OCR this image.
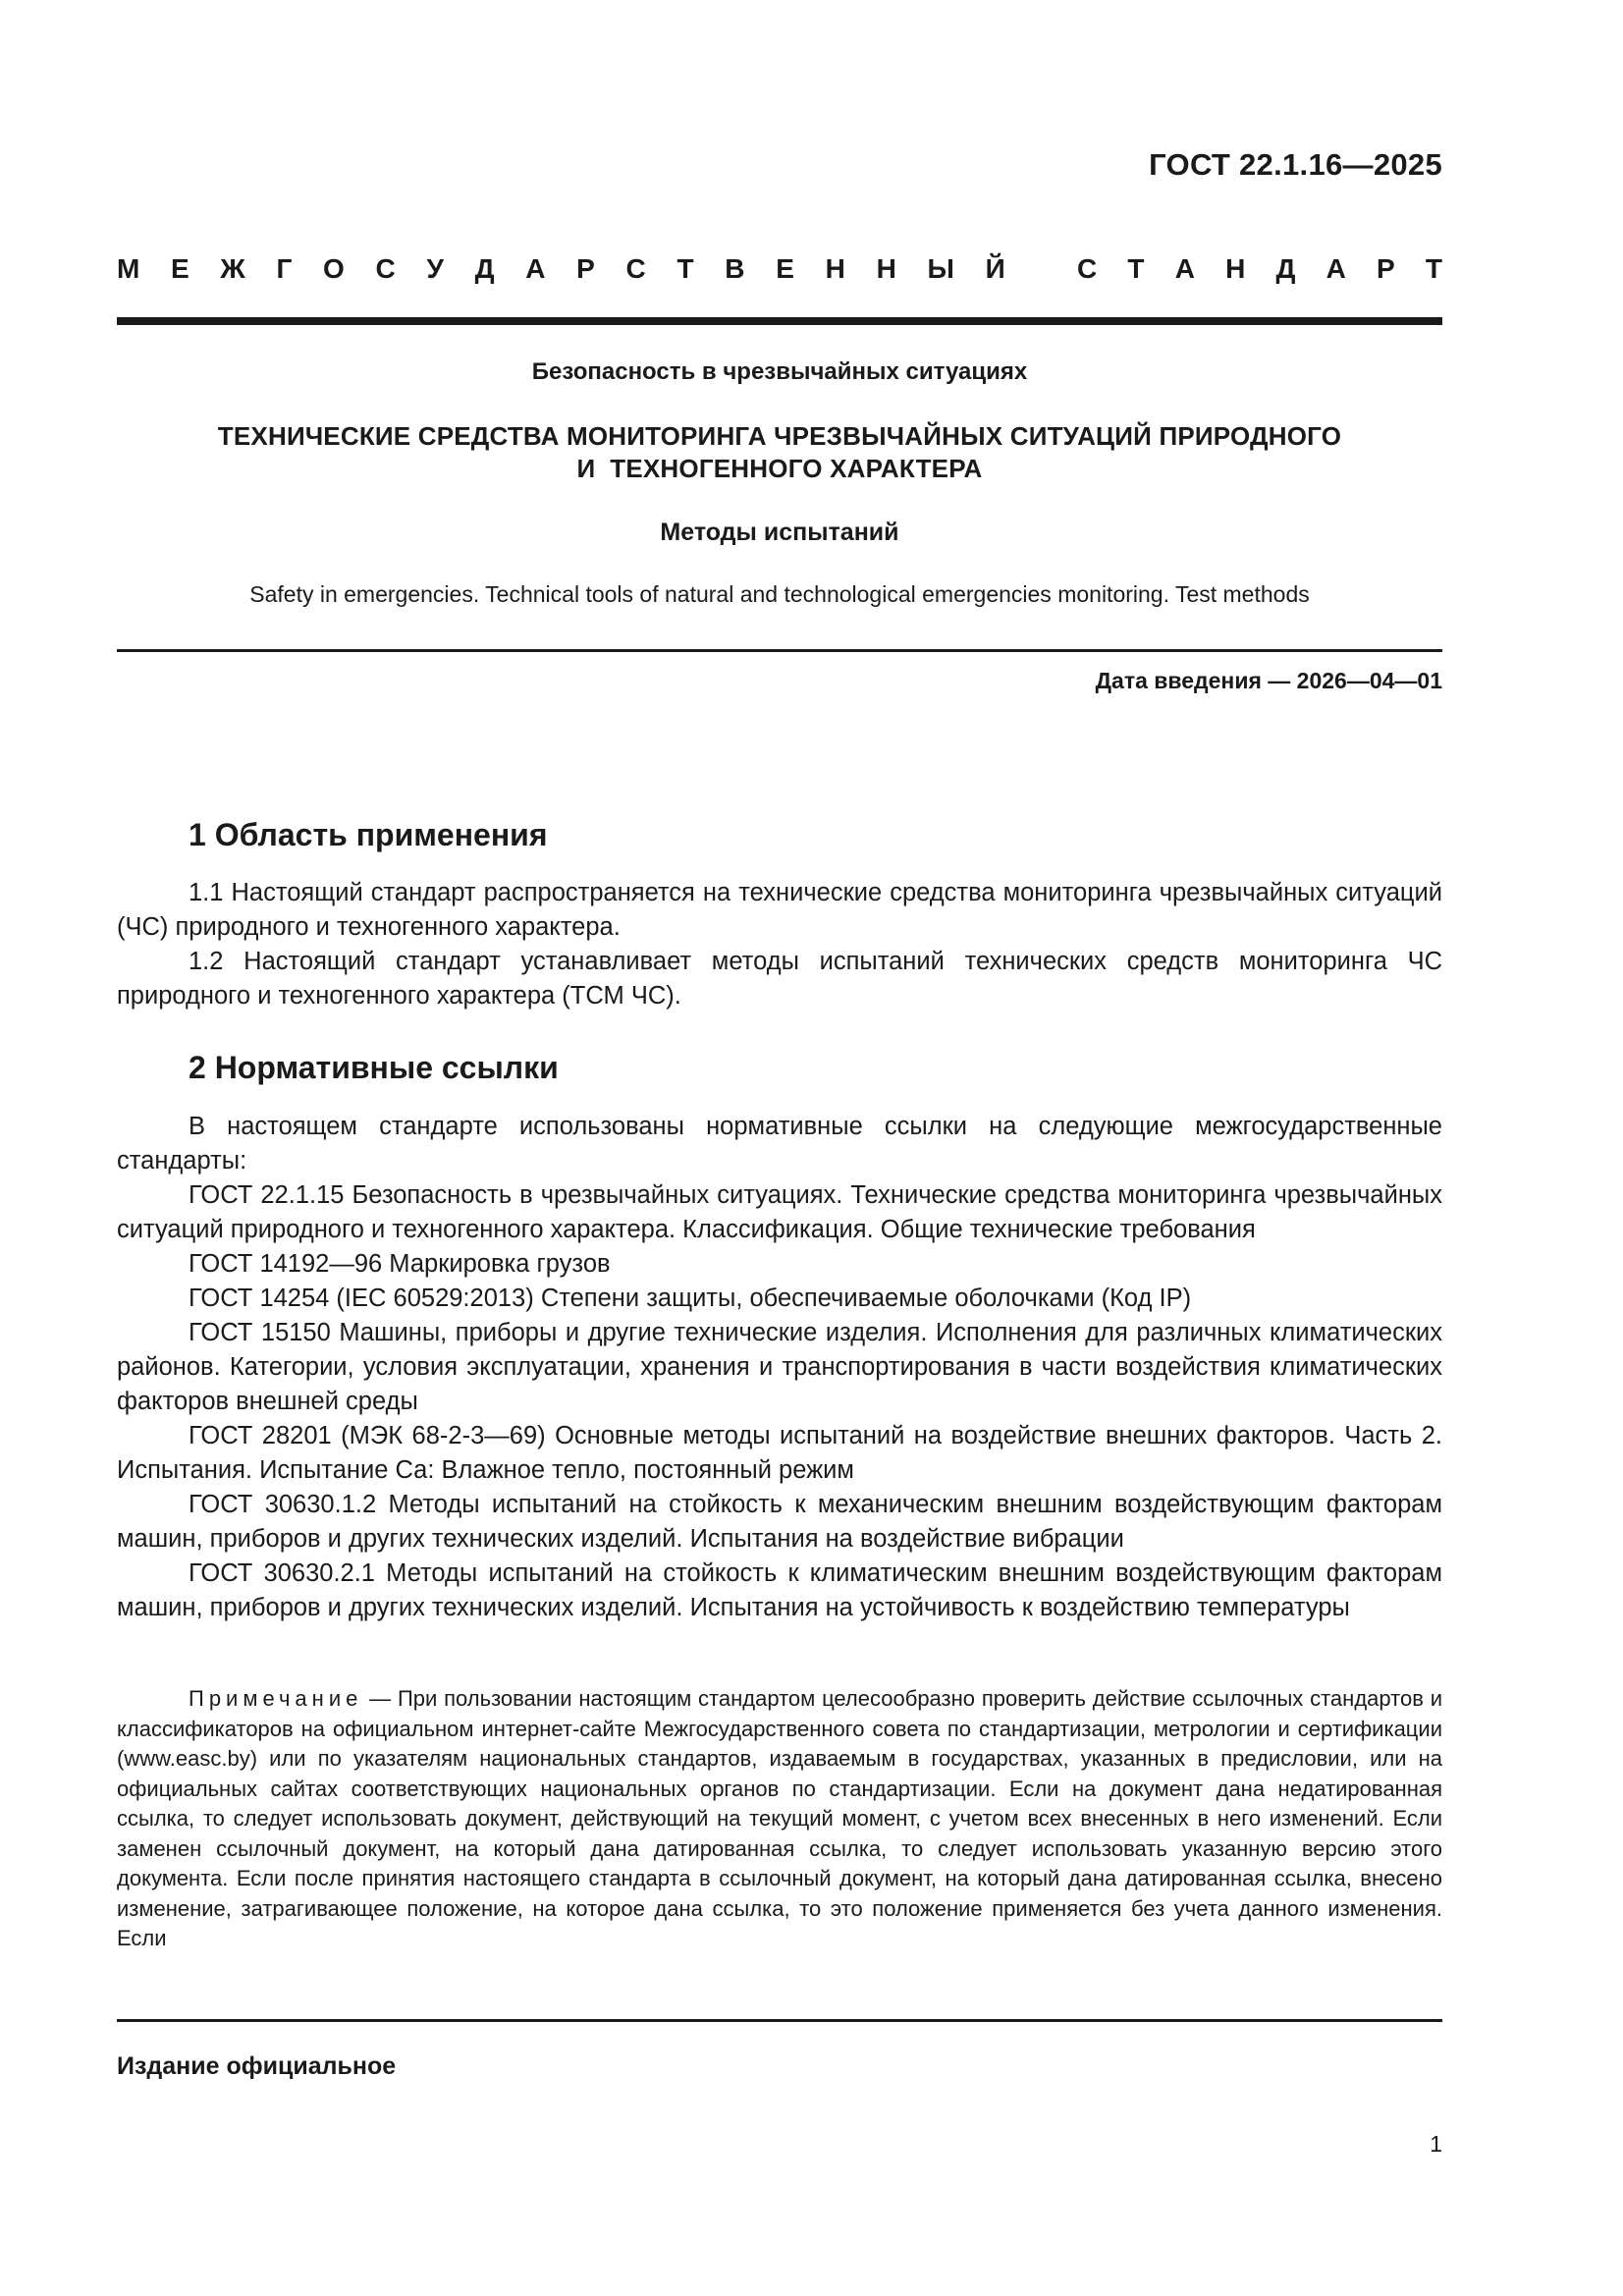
ГОСТ 22.1.16—2025
М Е Ж Г О С У Д А Р С Т В Е Н Н Ы Й	С Т А Н Д А Р Т
Безопасность в чрезвычайных ситуациях
ТЕХНИЧЕСКИЕ СРЕДСТВА МОНИТОРИНГА ЧРЕЗВЫЧАЙНЫХ СИТУАЦИЙ ПРИРОДНОГО
И  ТЕХНОГЕННОГО ХАРАКТЕРА
Методы испытаний
Safety in emergencies. Technical tools of natural and technological emergencies monitoring. Test methods
Дата введения — 2026—04—01
1 Область применения

1.1 Настоящий стандарт распространяется на технические средства мониторинга чрезвычайных ситуаций (ЧС) природного и техногенного характера.

1.2 Настоящий стандарт устанавливает методы испытаний технических средств мониторинга ЧС природного и техногенного характера (ТСМ ЧС).

2 Нормативные ссылки

В настоящем стандарте использованы нормативные ссылки на следующие межгосударственные стандарты:

ГОСТ 22.1.15 Безопасность в чрезвычайных ситуациях. Технические средства мониторинга чрезвычайных ситуаций природного и техногенного характера. Классификация. Общие технические требования

ГОСТ 14192—96 Маркировка грузов

ГОСТ 14254 (IEC 60529:2013) Степени защиты, обеспечиваемые оболочками (Код IP)

ГОСТ 15150 Машины, приборы и другие технические изделия. Исполнения для различных климатических районов. Категории, условия эксплуатации, хранения и транспортирования в части воздействия климатических факторов внешней среды

ГОСТ 28201 (МЭК 68-2-3—69) Основные методы испытаний на воздействие внешних факторов. Часть 2. Испытания. Испытание Са: Влажное тепло, постоянный режим

ГОСТ 30630.1.2 Методы испытаний на стойкость к механическим внешним воздействующим факторам машин, приборов и других технических изделий. Испытания на воздействие вибрации

ГОСТ 30630.2.1 Методы испытаний на стойкость к климатическим внешним воздействующим факторам машин, приборов и других технических изделий. Испытания на устойчивость к воздействию температуры

Примечание — При пользовании настоящим стандартом целесообразно проверить действие ссылочных стандартов и классификаторов на официальном интернет-сайте Межгосударственного совета по стандартизации, метрологии и сертификации (www.easc.by) или по указателям национальных стандартов, издаваемым в государствах, указанных в предисловии, или на официальных сайтах соответствующих национальных органов по стандартизации. Если на документ дана недатированная ссылка, то следует использовать документ, действующий на текущий момент, с учетом всех внесенных в него изменений. Если заменен ссылочный документ, на который дана датированная ссылка, то следует использовать указанную версию этого документа. Если после принятия настоящего стандарта в ссылочный документ, на который дана датированная ссылка, внесено изменение, затрагивающее положение, на которое дана ссылка, то это положение применяется без учета данного изменения. Если

Издание официальное
1
